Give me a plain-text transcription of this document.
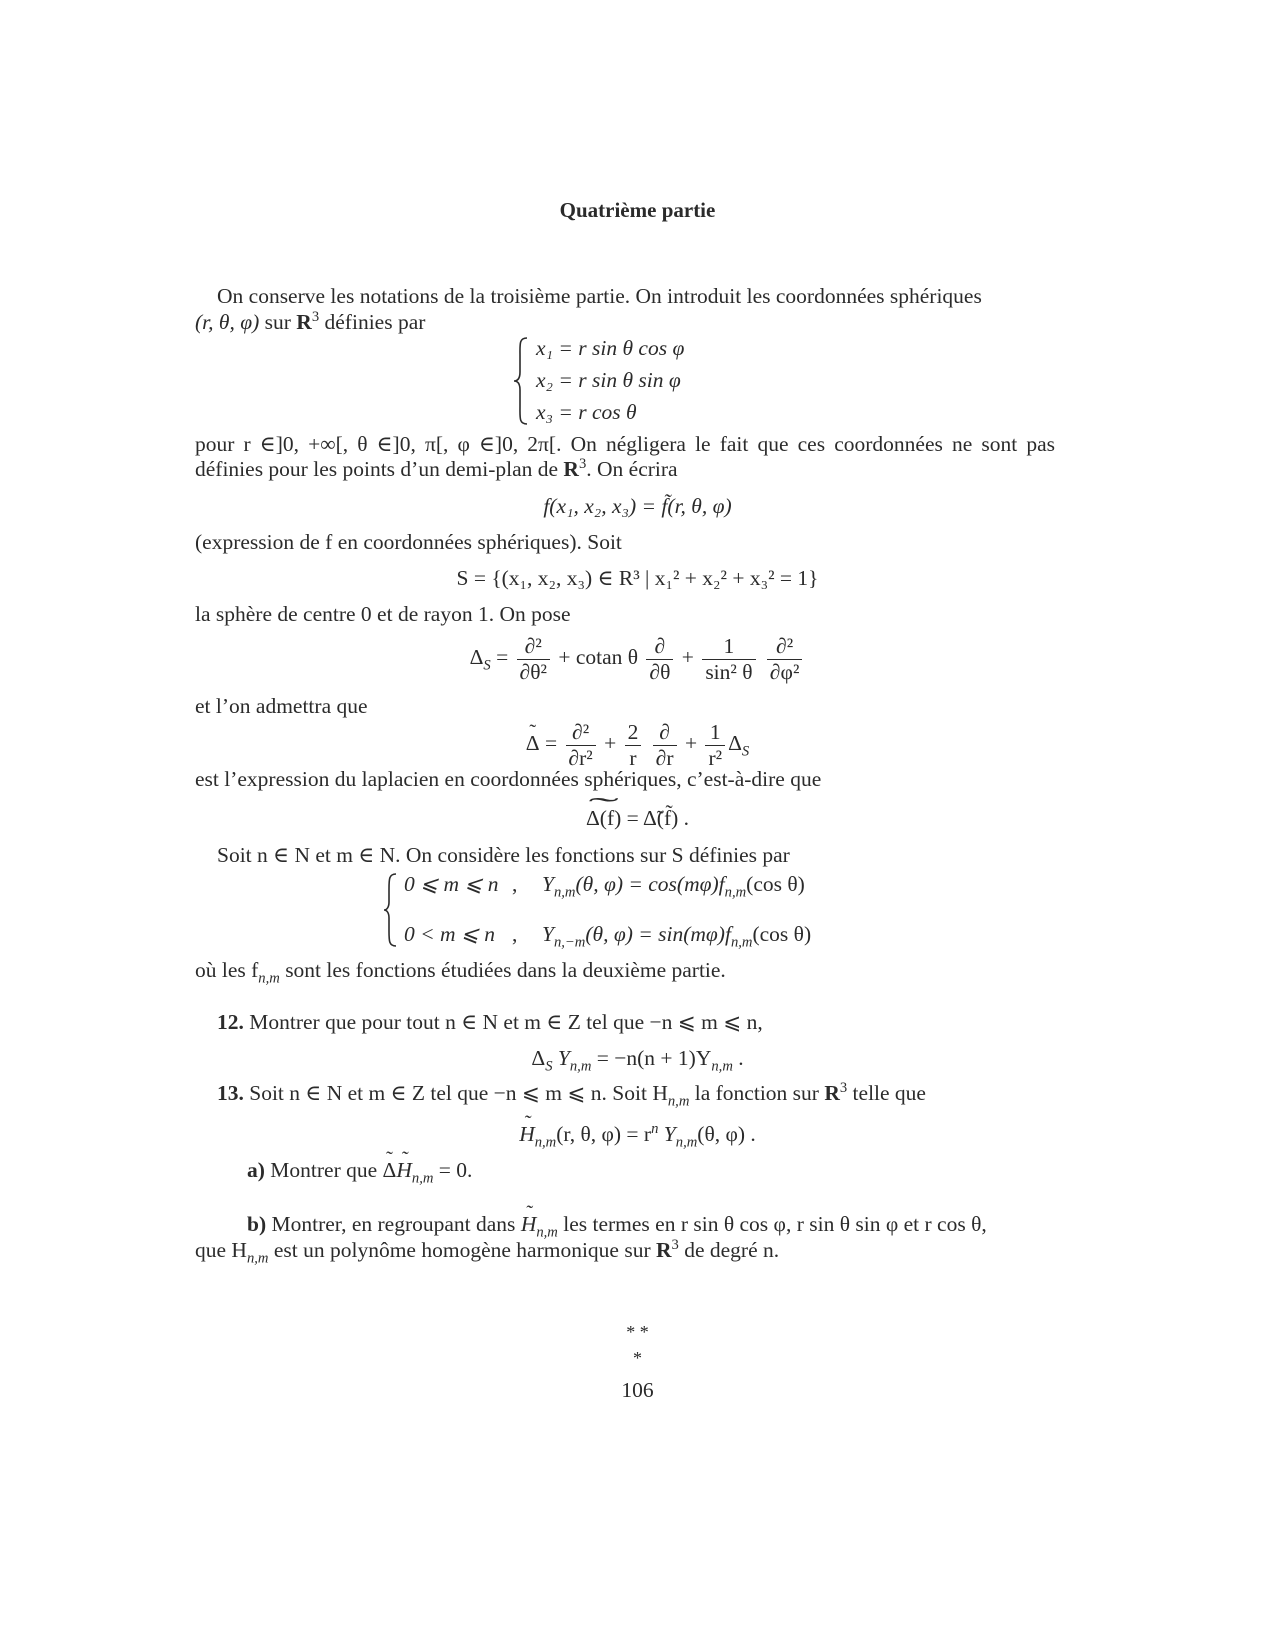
Quatrième partie
On conserve les notations de la troisième partie. On introduit les coordonnées sphériques
(r, θ, φ) sur $R^3$ définies par
x₁ = r sin θ cos φ
x₂ = r sin θ sin φ
x₃ = r cos θ
pour r ∈]0, +∞[, θ ∈]0, π[, φ ∈]0, 2π[. On négligera le fait que ces coordonnées ne sont pas
définies pour les points d’un demi-plan de $R^3$. On écrira
f(x₁, x₂, x₃) = f̃(r, θ, φ)
(expression de f en coordonnées sphériques). Soit
S = {(x₁, x₂, x₃) ∈ R³ | x₁² + x₂² + x₃² = 1}
la sphère de centre 0 et de rayon 1. On pose
$\Delta_S = \frac{\text{∂²}}{\text{∂θ²}} + cotan$ θ $\frac{\partial}{\partial\theta} + \frac{1}{\text{sin² θ}}$
$\frac{\text{∂²}}{\text{∂φ²}}$
et l’on admettra que
˜ $\Delta = \frac{\text{∂²}}{\text{∂r²}} + \frac{2}{r}$
$\frac{\partial}{\partial r} + \frac{1}{\text{r²}} \Delta_S$
est l’expression du laplacien en coordonnées sphériques, c’est-à-dire que
˜ Δ(f) = Δ̃(f̃) .
Soit n ∈ N et m ∈ N. On considère les fonctions sur S définies par
0 ⩽ m ⩽ n , $Y_{n,m}(\theta$, $\varphi) = \cos(m\varphi)f_{n,m}(\cos$ θ)
0 < m ⩽ n , $Y_{n,-m}(\theta$, $\varphi) = \sin(m\varphi)f_{n,m}(\cos$ θ)
où les $f_{n,m}$ sont les fonctions étudiées dans la deuxième partie.
12. Montrer que pour tout n ∈ N et m ∈ Z tel que −n ⩽ m ⩽ n,
$\Delta_S$ $Y_{n,m} = -n(n + 1)Y_{n,m}$ .
13. Soit n ∈ N et m ∈ Z tel que −n ⩽ m ⩽ n. Soit $H_{n,m}$ la fonction sur $R^3$ telle que
˜ $H_{n,m}(r$, θ, $\varphi) = r^n$ $Y_{n,m}(\theta$, φ) .
a) Montrer que ˜ Δ˜ $H_{n,m} = 0$.
b) Montrer, en regroupant dans ˜ $H_{n,m}$ les termes en r sin θ cos φ, r sin θ sin φ et r cos θ,
que $H_{n,m}$ est un polynôme homogène harmonique sur $R^3$ de degré n.
* *
*
106
